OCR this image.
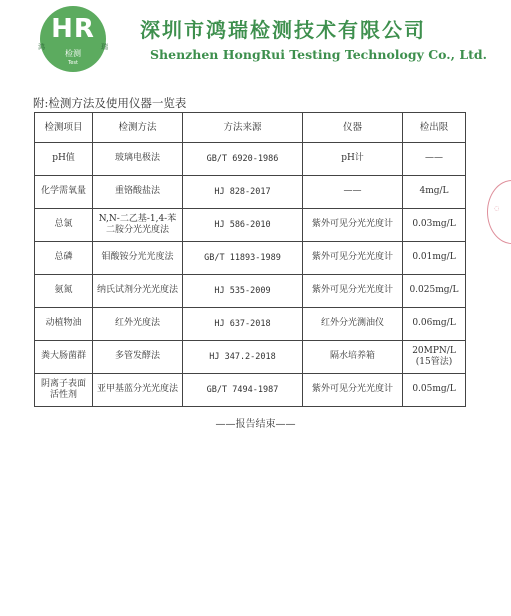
HR
鸿	瑞
检测
Test
深圳市鸿瑞检测技术有限公司
Shenzhen HongRui Testing Technology Co., Ltd.
附:检测方法及使用仪器一览表
检测项目	检测方法	方法来源	仪器	检出限
pH值	玻璃电极法	GB/T 6920-1986	pH计	——
化学需氧量	重铬酸盐法	HJ 828-2017	——	4mg/L
总氯	N,N-二乙基-1,4-苯二胺分光光度法	HJ 586-2010	紫外可见分光光度计	0.03mg/L
总磷	钼酸铵分光光度法	GB/T 11893-1989	紫外可见分光光度计	0.01mg/L
氨氮	纳氏试剂分光光度法	HJ 535-2009	紫外可见分光光度计	0.025mg/L
动植物油	红外光度法	HJ 637-2018	红外分光测油仪	0.06mg/L
粪大肠菌群	多管发酵法	HJ 347.2-2018	隔水培养箱	20MPN/L
(15管法)
阴离子表面活性剂	亚甲基蓝分光光度法	GB/T 7494-1987	紫外可见分光光度计	0.05mg/L
——报告结束——
◌
